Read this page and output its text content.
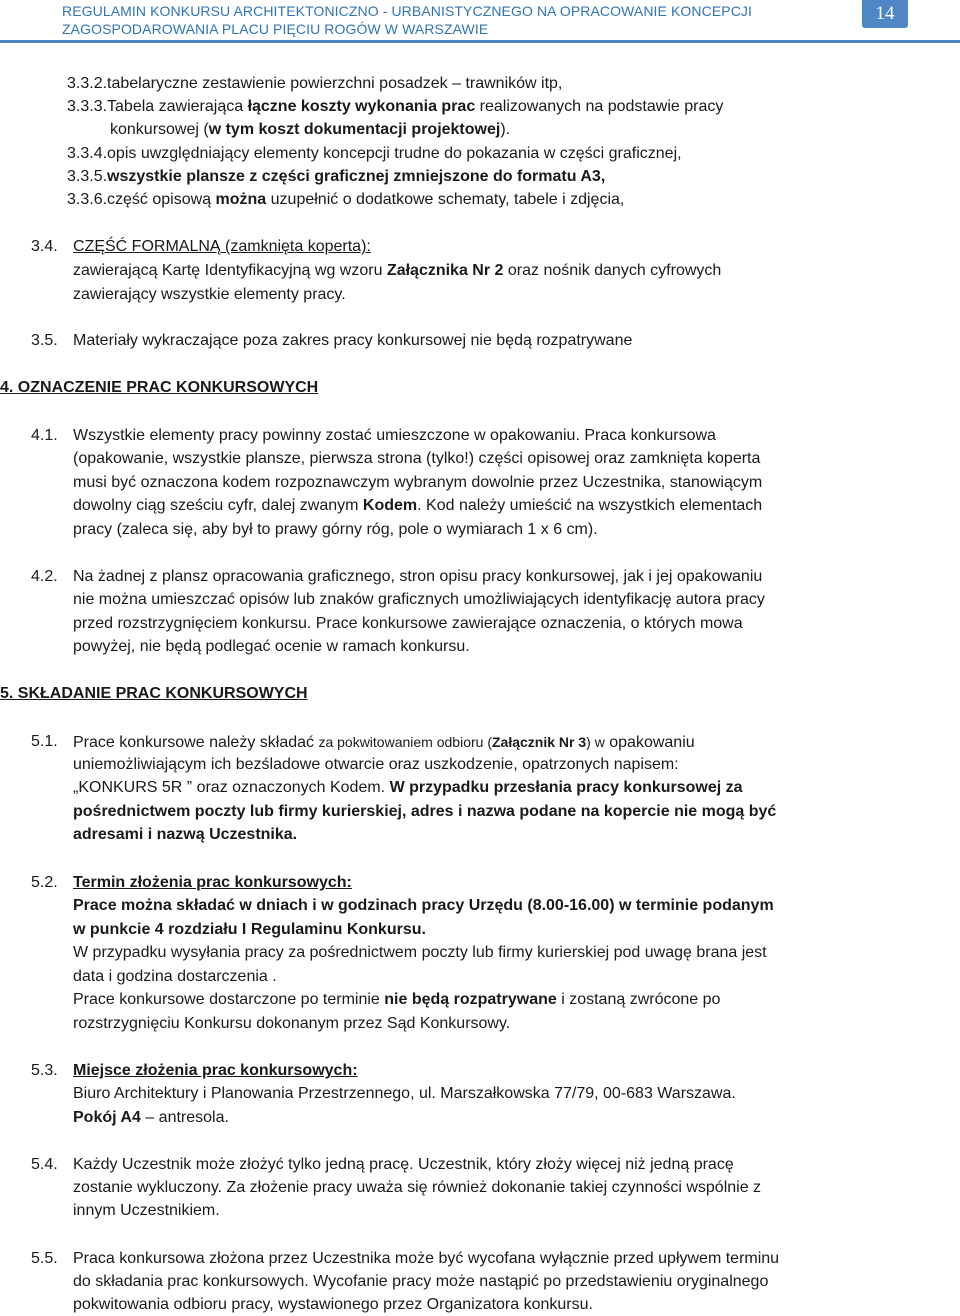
REGULAMIN KONKURSU ARCHITEKTONICZNO - URBANISTYCZNEGO NA OPRACOWANIE KONCEPCJI
ZAGOSPODAROWANIA PLACU PIĘCIU ROGÓW W WARSZAWIE
14
3.3.2.tabelaryczne zestawienie powierzchni posadzek – trawników itp,
3.3.3.Tabela zawierająca łączne koszty wykonania prac realizowanych na podstawie pracy
konkursowej (w tym koszt dokumentacji projektowej).
3.3.4.opis uwzględniający elementy koncepcji trudne do pokazania w części graficznej,
3.3.5.wszystkie plansze z części graficznej zmniejszone do formatu A3,
3.3.6.część opisową można uzupełnić o dodatkowe schematy, tabele i zdjęcia,
3.4. CZĘŚĆ FORMALNĄ (zamknięta koperta):
zawierającą Kartę Identyfikacyjną wg wzoru Załącznika Nr 2 oraz nośnik danych cyfrowych
zawierający wszystkie elementy pracy.
3.5. Materiały wykraczające poza zakres pracy konkursowej nie będą rozpatrywane
4. OZNACZENIE PRAC KONKURSOWYCH
4.1. Wszystkie elementy pracy powinny zostać umieszczone w opakowaniu. Praca konkursowa
(opakowanie, wszystkie plansze, pierwsza strona (tylko!) części opisowej oraz zamknięta koperta
musi być oznaczona kodem rozpoznawczym wybranym dowolnie przez Uczestnika, stanowiącym
dowolny ciąg sześciu cyfr, dalej zwanym Kodem. Kod należy umieścić na wszystkich elementach
pracy (zaleca się, aby był to prawy górny róg, pole o wymiarach 1 x 6 cm).
4.2. Na żadnej z plansz opracowania graficznego, stron opisu pracy konkursowej, jak i jej opakowaniu
nie można umieszczać opisów lub znaków graficznych umożliwiających identyfikację autora pracy
przed rozstrzygnięciem konkursu. Prace konkursowe zawierające oznaczenia, o których mowa
powyżej, nie będą podlegać ocenie w ramach konkursu.
5. SKŁADANIE PRAC KONKURSOWYCH
5.1. Prace konkursowe należy składać za pokwitowaniem odbioru (Załącznik Nr 3) w opakowaniu
uniemożliwiającym ich bezśladowe otwarcie oraz uszkodzenie, opatrzonych napisem:
„KONKURS 5R ” oraz oznaczonych Kodem. W przypadku przesłania pracy konkursowej za
pośrednictwem poczty lub firmy kurierskiej, adres i nazwa podane na kopercie nie mogą być
adresami i nazwą Uczestnika.
5.2. Termin złożenia prac konkursowych:
Prace można składać w dniach i w godzinach pracy Urzędu (8.00-16.00) w terminie podanym
w punkcie 4 rozdziału I Regulaminu Konkursu.
W przypadku wysyłania pracy za pośrednictwem poczty lub firmy kurierskiej pod uwagę brana jest
data i godzina dostarczenia .
Prace konkursowe dostarczone po terminie nie będą rozpatrywane i zostaną zwrócone po
rozstrzygnięciu Konkursu dokonanym przez Sąd Konkursowy.
5.3. Miejsce złożenia prac konkursowych:
Biuro Architektury i Planowania Przestrzennego, ul. Marszałkowska 77/79, 00-683 Warszawa.
Pokój A4 – antresola.
5.4. Każdy Uczestnik może złożyć tylko jedną pracę. Uczestnik, który złoży więcej niż jedną pracę
zostanie wykluczony. Za złożenie pracy uważa się również dokonanie takiej czynności wspólnie z
innym Uczestnikiem.
5.5. Praca konkursowa złożona przez Uczestnika może być wycofana wyłącznie przed upływem terminu
do składania prac konkursowych. Wycofanie pracy może nastąpić po przedstawieniu oryginalnego
pokwitowania odbioru pracy, wystawionego przez Organizatora konkursu.
